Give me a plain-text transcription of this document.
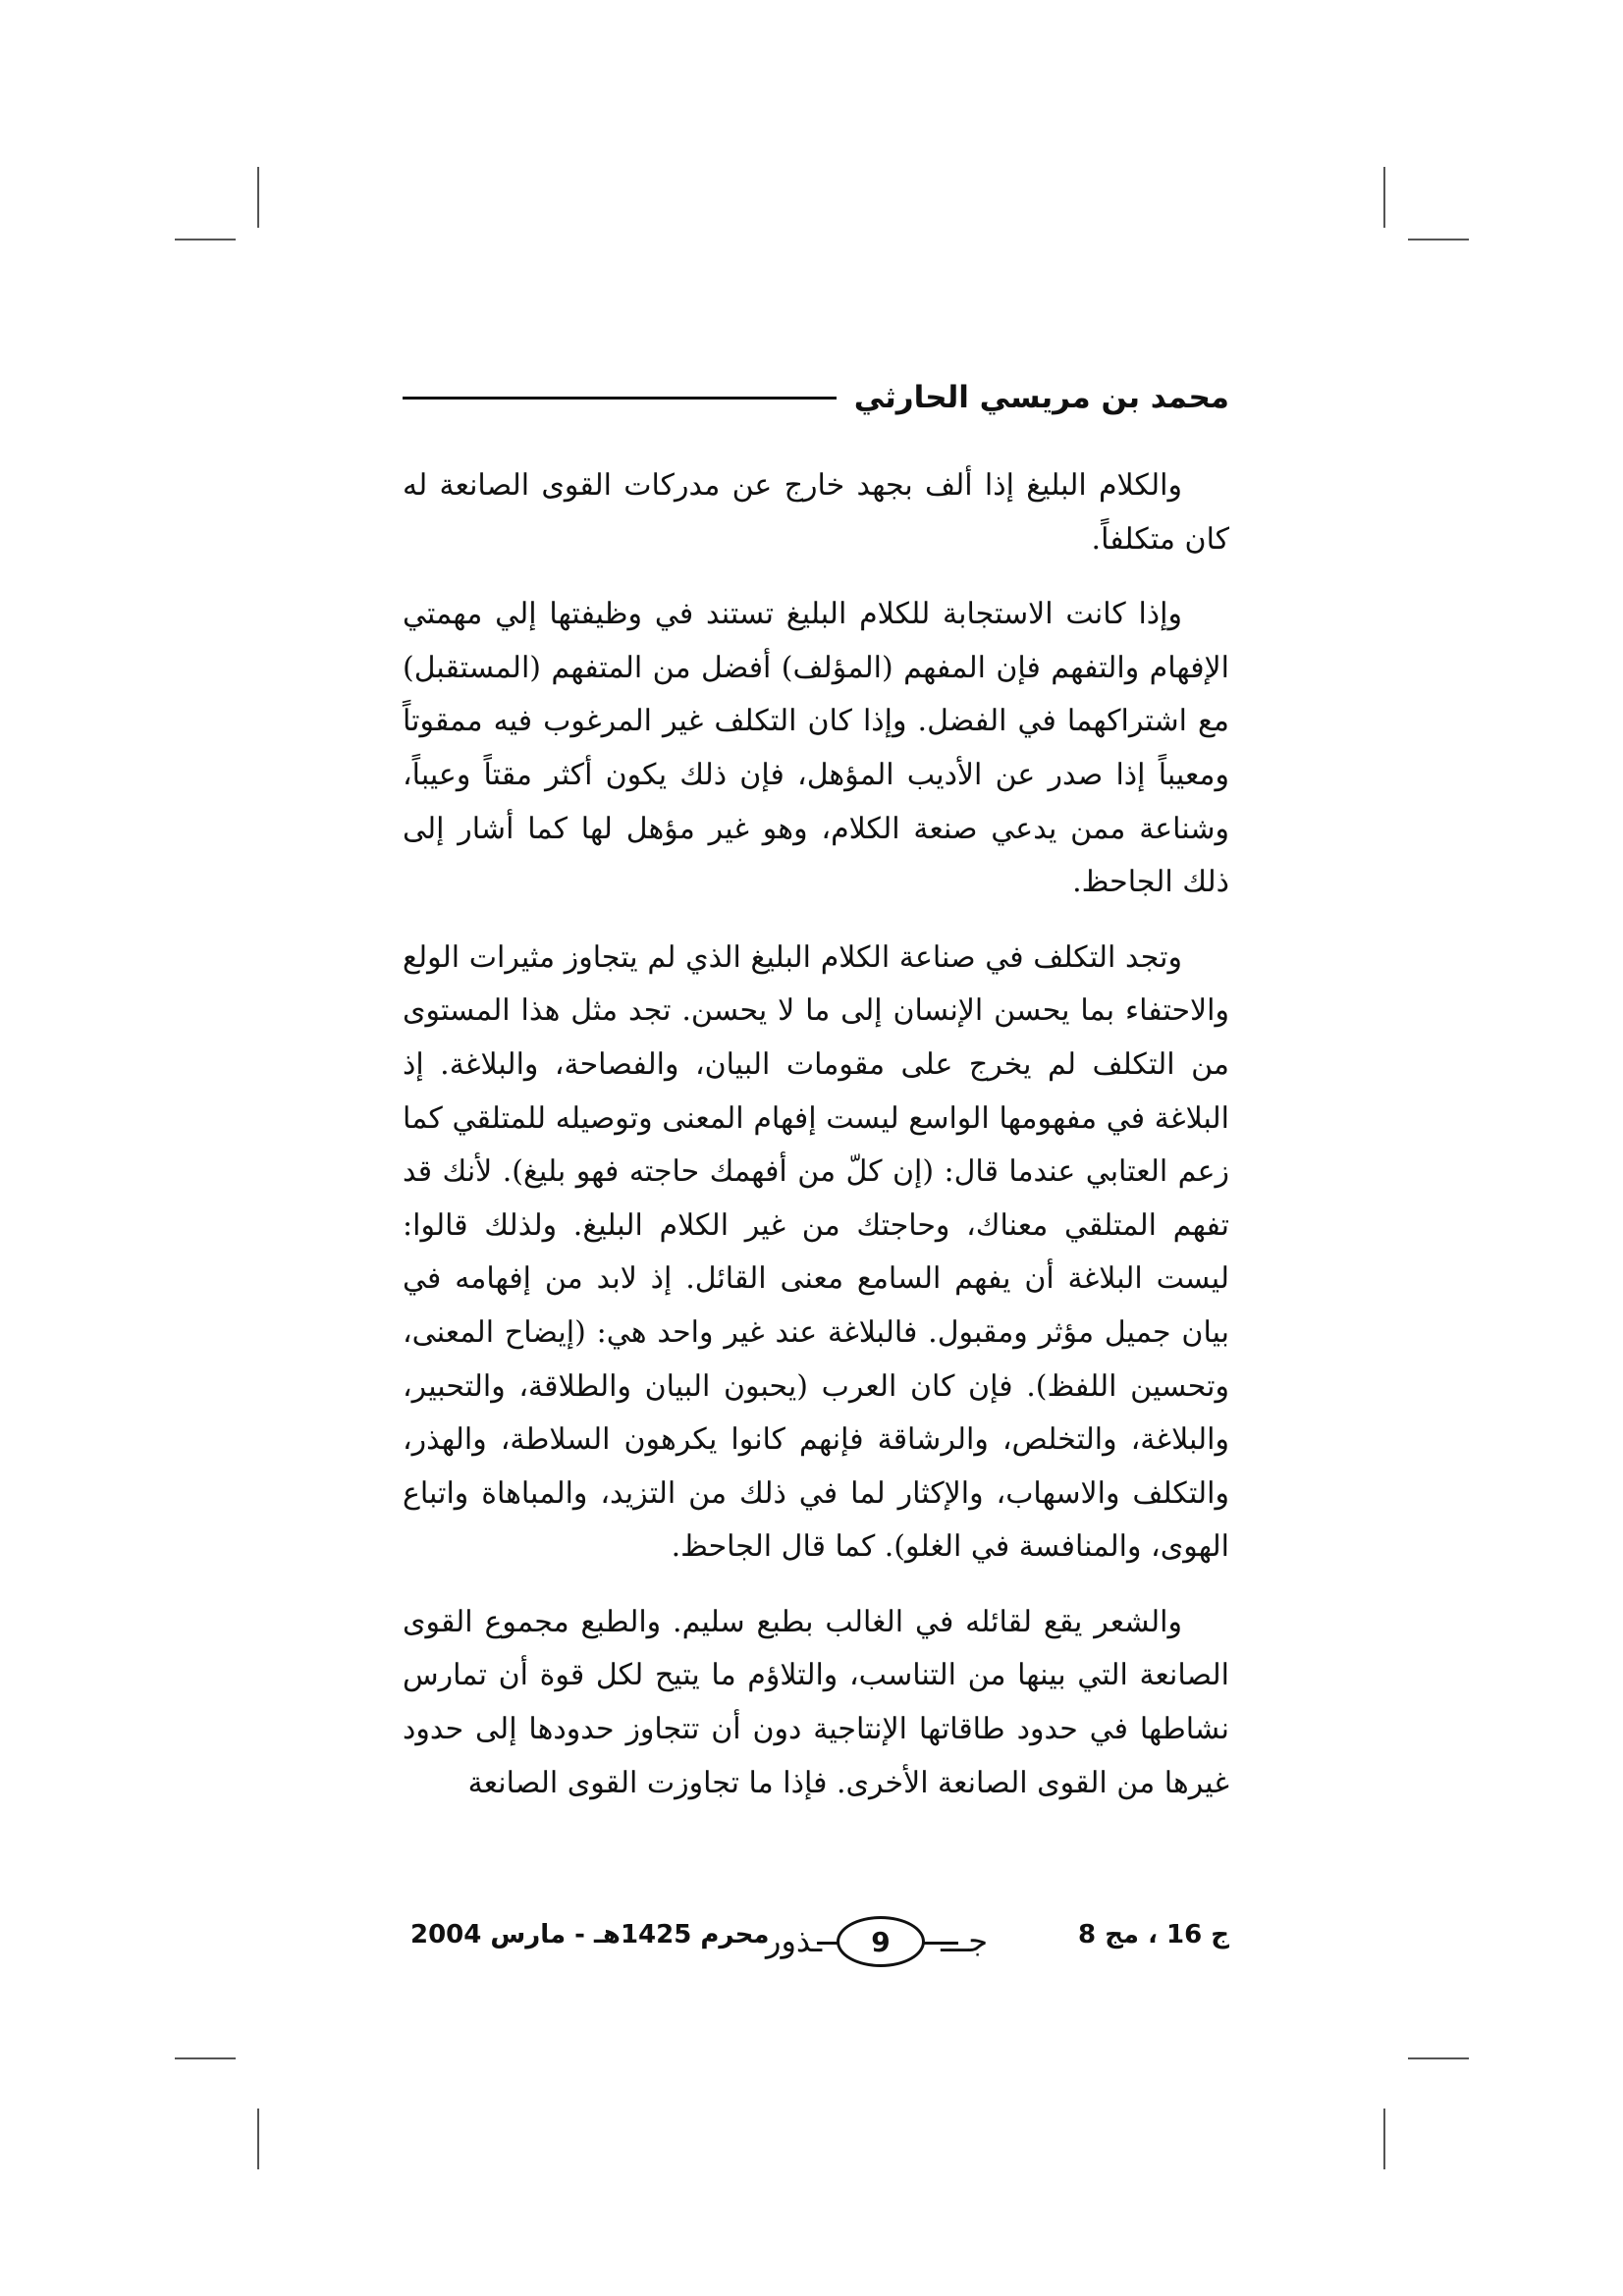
محمد بن مريسي الحارثي

والكلام البليغ إذا ألف بجهد خارج عن مدركات القوى الصانعة له كان متكلفاً.

وإذا كانت الاستجابة للكلام البليغ تستند في وظيفتها إلي مهمتي الإفهام والتفهم فإن المفهم (المؤلف) أفضل من المتفهم (المستقبل) مع اشتراكهما في الفضل. وإذا كان التكلف غير المرغوب فيه ممقوتاً ومعيباً إذا صدر عن الأديب المؤهل، فإن ذلك يكون أكثر مقتاً وعيباً، وشناعة ممن يدعي صنعة الكلام، وهو غير مؤهل لها كما أشار إلى ذلك الجاحظ.

وتجد التكلف في صناعة الكلام البليغ الذي لم يتجاوز مثيرات الولع والاحتفاء بما يحسن الإنسان إلى ما لا يحسن. تجد مثل هذا المستوى من التكلف لم يخرج على مقومات البيان، والفصاحة، والبلاغة. إذ البلاغة في مفهومها الواسع ليست إفهام المعنى وتوصيله للمتلقي كما زعم العتابي عندما قال: (إن كلّ من أفهمك حاجته فهو بليغ). لأنك قد تفهم المتلقي معناك، وحاجتك من غير الكلام البليغ. ولذلك قالوا: ليست البلاغة أن يفهم السامع معنى القائل. إذ لابد من إفهامه في بيان جميل مؤثر ومقبول. فالبلاغة عند غير واحد هي: (إيضاح المعنى، وتحسين اللفظ). فإن كان العرب (يحبون البيان والطلاقة، والتحبير، والبلاغة، والتخلص، والرشاقة فإنهم كانوا يكرهون السلاطة، والهذر، والتكلف والاسهاب، والإكثار لما في ذلك من التزيد، والمباهاة واتباع الهوى، والمنافسة في الغلو). كما قال الجاحظ.

والشعر يقع لقائله في الغالب بطبع سليم. والطبع مجموع القوى الصانعة التي بينها من التناسب، والتلاؤم ما يتيح لكل قوة أن تمارس نشاطها في حدود طاقاتها الإنتاجية دون أن تتجاوز حدودها إلى حدود غيرها من القوى الصانعة الأخرى. فإذا ما تجاوزت القوى الصانعة

ج 16 ، مج 8
ـذور	9	جـــ
محرم 1425هـ - مارس 2004
